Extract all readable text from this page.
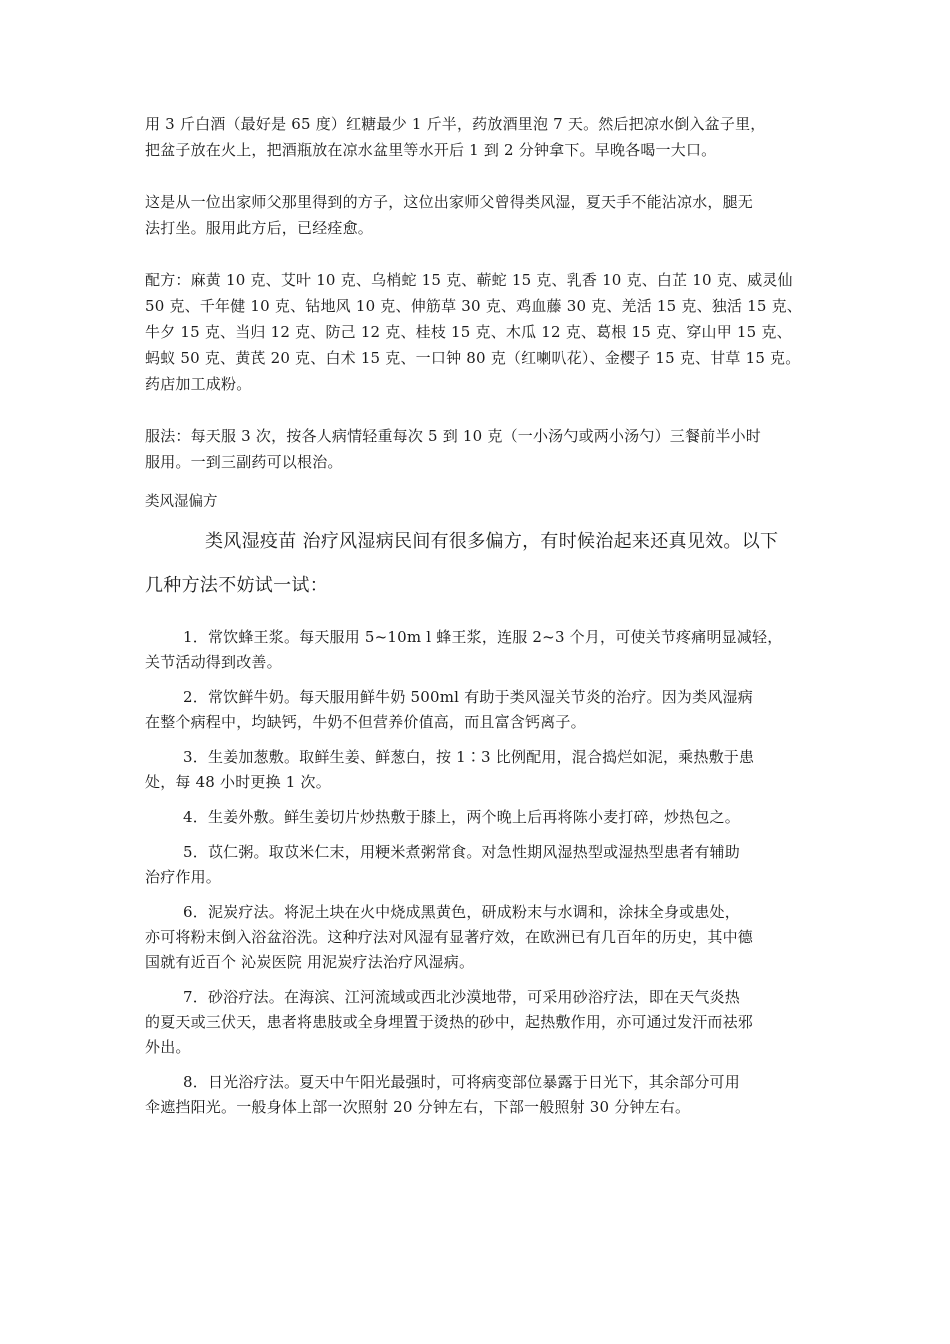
用 3 斤白酒（最好是 65 度）红糖最少 1 斤半，药放酒里泡 7 天。然后把凉水倒入盆子里，
把盆子放在火上，把酒瓶放在凉水盆里等水开后 1 到 2 分钟拿下。早晚各喝一大口。
这是从一位出家师父那里得到的方子，这位出家师父曾得类风湿，夏天手不能沾凉水，腿无
法打坐。服用此方后，已经痊愈。
配方：麻黄 10 克、艾叶 10 克、乌梢蛇 15 克、蕲蛇 15 克、乳香 10 克、白芷 10 克、威灵仙
50 克、千年健 10 克、钻地风 10 克、伸筋草 30 克、鸡血藤 30 克、羌活 15 克、独活 15 克、
牛夕 15 克、当归 12 克、防己 12 克、桂枝 15 克、木瓜 12 克、葛根 15 克、穿山甲 15 克、
蚂蚁 50 克、黄芪 20 克、白术 15 克、一口钟 80 克（红喇叭花）、金樱子 15 克、甘草 15 克。
药店加工成粉。
服法：每天服 3 次，按各人病情轻重每次 5 到 10 克（一小汤勺或两小汤勺）三餐前半小时
服用。一到三副药可以根治。
类风湿偏方
类风湿疫苗 治疗风湿病民间有很多偏方，有时候治起来还真见效。以下
几种方法不妨试一试：
1．常饮蜂王浆。每天服用 5~10m l 蜂王浆，连服 2~3 个月，可使关节疼痛明显减轻，
关节活动得到改善。
2．常饮鲜牛奶。每天服用鲜牛奶 500ml 有助于类风湿关节炎的治疗。因为类风湿病
在整个病程中，均缺钙，牛奶不但营养价值高，而且富含钙离子。
3．生姜加葱敷。取鲜生姜、鲜葱白，按 1∶3 比例配用，混合捣烂如泥，乘热敷于患
处，每 48 小时更换 1 次。
4．生姜外敷。鲜生姜切片炒热敷于膝上，两个晚上后再将陈小麦打碎，炒热包之。
5．苡仁粥。取苡米仁末，用粳米煮粥常食。对急性期风湿热型或湿热型患者有辅助
治疗作用。
6．泥炭疗法。将泥土块在火中烧成黑黄色，研成粉末与水调和，涂抹全身或患处，
亦可将粉末倒入浴盆浴洗。这种疗法对风湿有显著疗效，在欧洲已有几百年的历史，其中德
国就有近百个 沁炭医院 用泥炭疗法治疗风湿病。
7．砂浴疗法。在海滨、江河流域或西北沙漠地带，可采用砂浴疗法，即在天气炎热
的夏天或三伏天，患者将患肢或全身埋置于烫热的砂中，起热敷作用，亦可通过发汗而祛邪
外出。
8．日光浴疗法。夏天中午阳光最强时，可将病变部位暴露于日光下，其余部分可用
伞遮挡阳光。一般身体上部一次照射 20 分钟左右，下部一般照射 30 分钟左右。
